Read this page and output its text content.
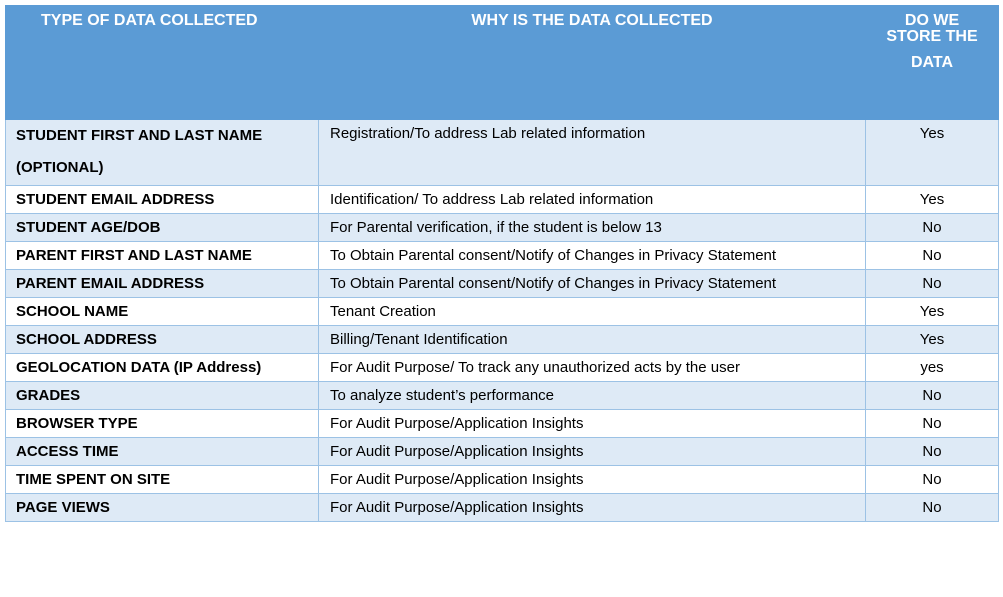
TYPE OF DATA COLLECTED	WHY IS THE DATA COLLECTED	DO WE
STORE THE
DATA

STUDENT FIRST AND LAST NAME
(OPTIONAL)	Registration/To address Lab related information	Yes
STUDENT EMAIL ADDRESS	Identification/ To address Lab related information	Yes
STUDENT AGE/DOB	For Parental verification, if the student is below 13	No
PARENT FIRST AND LAST NAME	To Obtain Parental consent/Notify of Changes in Privacy Statement	No
PARENT EMAIL ADDRESS	To Obtain Parental consent/Notify of Changes in Privacy Statement	No
SCHOOL NAME	Tenant Creation	Yes
SCHOOL ADDRESS	Billing/Tenant Identification	Yes
GEOLOCATION DATA (IP Address)	For Audit Purpose/ To track any unauthorized acts by the user	yes
GRADES	To analyze student’s performance	No
BROWSER TYPE	For Audit Purpose/Application Insights	No
ACCESS TIME	For Audit Purpose/Application Insights	No
TIME SPENT ON SITE	For Audit Purpose/Application Insights	No
PAGE VIEWS	For Audit Purpose/Application Insights	No
